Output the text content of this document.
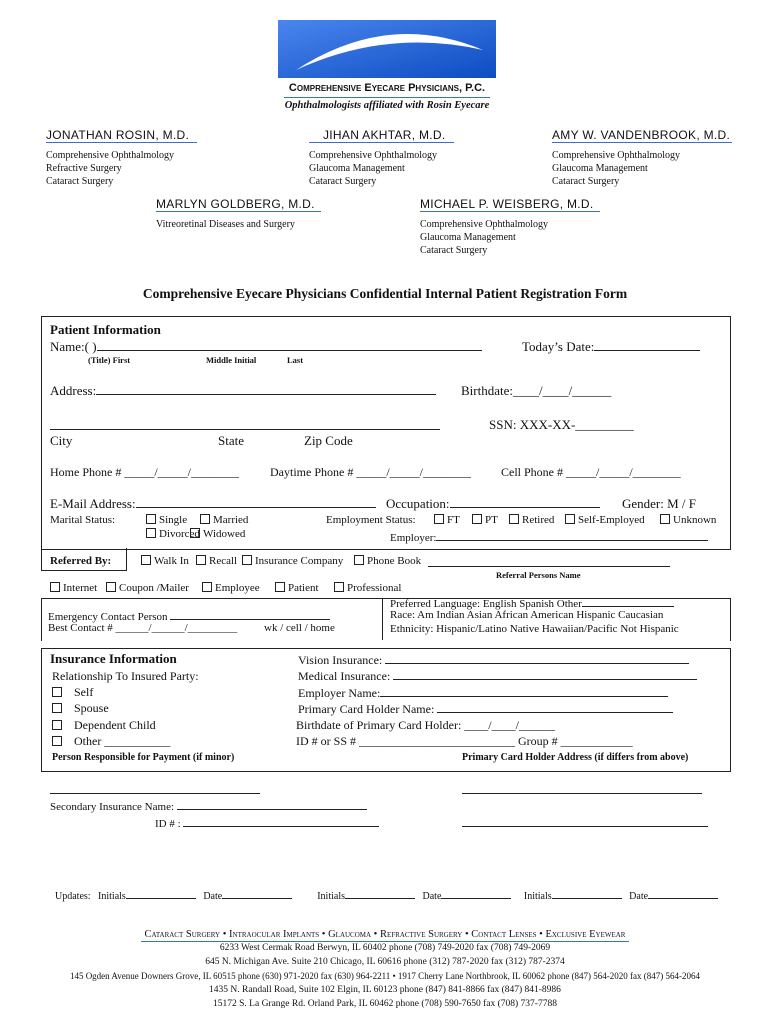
Comprehensive Eyecare Physicians, P.C.
Ophthalmologists affiliated with Rosin Eyecare
JONATHAN ROSIN, M.D.
Comprehensive Ophthalmology
Refractive Surgery
Cataract Surgery
JIHAN AKHTAR, M.D.
Comprehensive Ophthalmology
Glaucoma Management
Cataract Surgery
AMY W. VANDENBROOK, M.D.
Comprehensive Ophthalmology
Glaucoma Management
Cataract Surgery
MARLYN GOLDBERG, M.D.
Vitreoretinal Diseases and Surgery
MICHAEL P. WEISBERG, M.D.
Comprehensive Ophthalmology
Glaucoma Management
Cataract Surgery
Comprehensive Eyecare Physicians Confidential Internal Patient Registration Form
Patient Information
Name:( )	Today’s Date:
(Title) First	Middle Initial	Last
Address:	Birthdate:____/____/______
SSN: XXX-XX-_________
City	State	Zip Code
Home Phone # _____/_____/________	Daytime Phone # _____/_____/________	Cell Phone # _____/_____/________
E-Mail Address:	Occupation:	Gender: M / F
Marital Status:	Single	Married
Divorced Widowed
Employment Status:	FT	PT	Retired	Self-Employed	Unknown
Employer:
Referred By:	Walk In	Recall	Insurance Company	Phone Book
Referral Persons Name
Internet	Coupon /Mailer	Employee	Patient	Professional
Emergency Contact Person
Best Contact # ______/______/_________ wk / cell / home
Preferred Language: English Spanish Other
Race: Am Indian Asian African American Hispanic Caucasian
Ethnicity: Hispanic/Latino Native Hawaiian/Pacific Not Hispanic
Insurance Information
Relationship To Insured Party:
Self
Spouse
Dependent Child
Other ___________
Person Responsible for Payment (if minor)
Vision Insurance:
Medical Insurance:
Employer Name:
Primary Card Holder Name:
Birthdate of Primary Card Holder: ____/____/______
ID # or SS # __________________________ Group # ____________
Primary Card Holder Address (if differs from above)
Secondary Insurance Name:
ID # :
Updates: Initials	Date	Initials	Date	Initials	Date
Cataract Surgery • Intraocular Implants • Glaucoma • Refractive Surgery • Contact Lenses • Exclusive Eyewear
6233 West Cermak Road Berwyn, IL 60402 phone (708) 749-2020 fax (708) 749-2069
645 N. Michigan Ave. Suite 210 Chicago, IL 60616 phone (312) 787-2020 fax (312) 787-2374
145 Ogden Avenue Downers Grove, IL 60515 phone (630) 971-2020 fax (630) 964-2211 • 1917 Cherry Lane Northbrook, IL 60062 phone (847) 564-2020 fax (847) 564-2064
1435 N. Randall Road, Suite 102 Elgin, IL 60123 phone (847) 841-8866 fax (847) 841-8986
15172 S. La Grange Rd. Orland Park, IL 60462 phone (708) 590-7650 fax (708) 737-7788
